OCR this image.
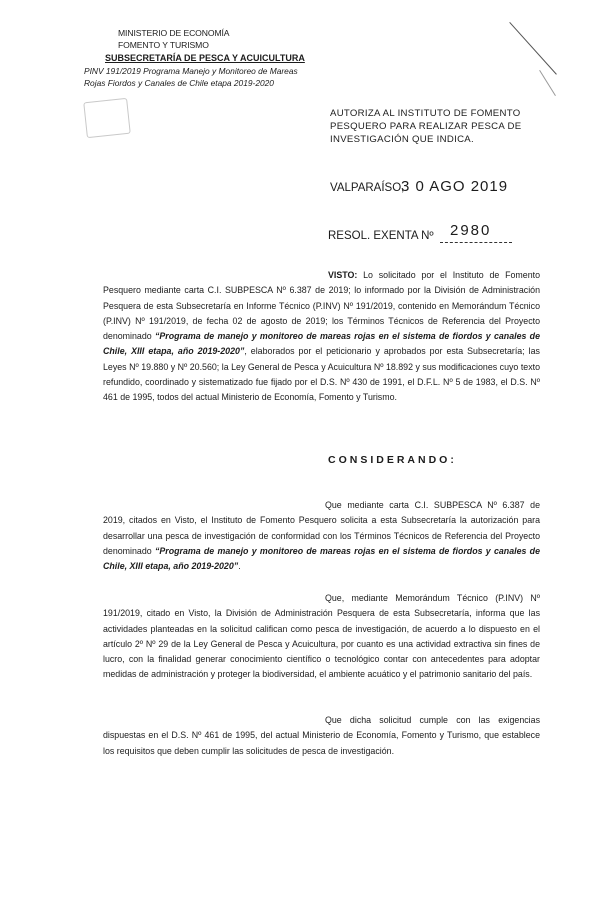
MINISTERIO DE ECONOMÍA
FOMENTO Y TURISMO
SUBSECRETARÍA DE PESCA Y ACUICULTURA
PINV 191/2019 Programa Manejo y Monitoreo de Mareas
Rojas Fiordos y Canales de Chile etapa 2019-2020
AUTORIZA AL INSTITUTO DE FOMENTO PESQUERO PARA REALIZAR PESCA DE INVESTIGACIÓN QUE INDICA.
VALPARAÍSO,
3 0 AGO 2019
RESOL. EXENTA Nº 2980
VISTO: Lo solicitado por el Instituto de Fomento Pesquero mediante carta C.I. SUBPESCA Nº 6.387 de 2019; lo informado por la División de Administración Pesquera de esta Subsecretaría en Informe Técnico (P.INV) Nº 191/2019, contenido en Memorándum Técnico (P.INV) Nº 191/2019, de fecha 02 de agosto de 2019; los Términos Técnicos de Referencia del Proyecto denominado “Programa de manejo y monitoreo de mareas rojas en el sistema de fiordos y canales de Chile, XIII etapa, año 2019-2020”, elaborados por el peticionario y aprobados por esta Subsecretaría; las Leyes Nº 19.880 y Nº 20.560; la Ley General de Pesca y Acuicultura Nº 18.892 y sus modificaciones cuyo texto refundido, coordinado y sistematizado fue fijado por el D.S. Nº 430 de 1991, el D.F.L. Nº 5 de 1983, el D.S. Nº 461 de 1995, todos del actual Ministerio de Economía, Fomento y Turismo.
CONSIDERANDO:
Que mediante carta C.I. SUBPESCA Nº 6.387 de 2019, citados en Visto, el Instituto de Fomento Pesquero solicita a esta Subsecretaría la autorización para desarrollar una pesca de investigación de conformidad con los Términos Técnicos de Referencia del Proyecto denominado “Programa de manejo y monitoreo de mareas rojas en el sistema de fiordos y canales de Chile, XIII etapa, año 2019-2020”.
Que, mediante Memorándum Técnico (P.INV) Nº 191/2019, citado en Visto, la División de Administración Pesquera de esta Subsecretaría, informa que las actividades planteadas en la solicitud califican como pesca de investigación, de acuerdo a lo dispuesto en el artículo 2º Nº 29 de la Ley General de Pesca y Acuicultura, por cuanto es una actividad extractiva sin fines de lucro, con la finalidad generar conocimiento científico o tecnológico contar con antecedentes para adoptar medidas de administración y proteger la biodiversidad, el ambiente acuático y el patrimonio sanitario del país.
Que dicha solicitud cumple con las exigencias dispuestas en el D.S. Nº 461 de 1995, del actual Ministerio de Economía, Fomento y Turismo, que establece los requisitos que deben cumplir las solicitudes de pesca de investigación.
